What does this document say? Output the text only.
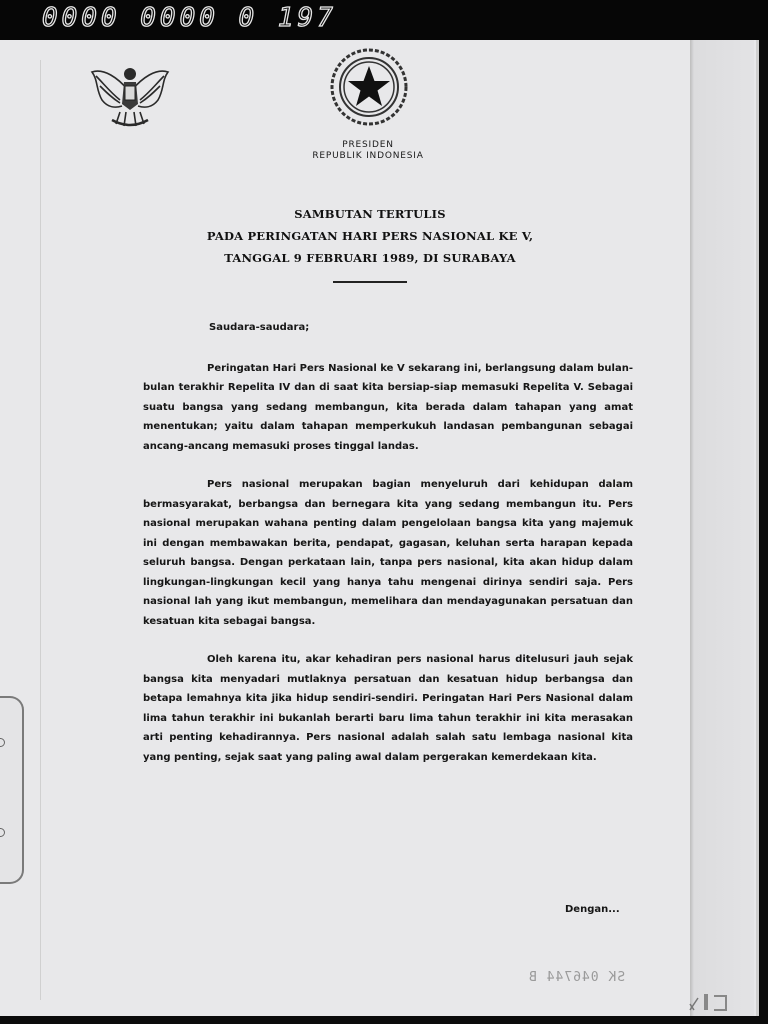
0000 0000 0 197
PRESIDEN
REPUBLIK INDONESIA
SAMBUTAN TERTULIS
PADA PERINGATAN HARI PERS NASIONAL KE V,
TANGGAL 9 FEBRUARI 1989, DI SURABAYA
Saudara-saudara;

Peringatan Hari Pers Nasional ke V sekarang ini, berlangsung dalam bulan-bulan terakhir Repelita IV dan di saat kita bersiap-siap memasuki Repelita V. Sebagai suatu bangsa yang sedang membangun, kita berada dalam tahapan yang amat menentukan; yaitu dalam tahapan memperkukuh landasan pembangunan sebagai ancang-ancang memasuki proses tinggal landas.

Pers nasional merupakan bagian menyeluruh dari kehidupan dalam bermasyarakat, berbangsa dan bernegara kita yang sedang membangun itu. Pers nasional merupakan wahana penting dalam pengelolaan bangsa kita yang majemuk ini dengan membawakan berita, pendapat, gagasan, keluhan serta harapan kepada seluruh bangsa. Dengan perkataan lain, tanpa pers nasional, kita akan hidup dalam lingkungan-lingkungan kecil yang hanya tahu mengenai dirinya sendiri saja. Pers nasional lah yang ikut membangun, memelihara dan mendayagunakan persatuan dan kesatuan kita sebagai bangsa.

Oleh karena itu, akar kehadiran pers nasional harus ditelusuri jauh sejak bangsa kita menyadari mutlaknya persatuan dan kesatuan hidup berbangsa dan betapa lemahnya kita jika hidup sendiri-sendiri. Peringatan Hari Pers Nasional dalam lima tahun terakhir ini bukanlah berarti baru lima tahun terakhir ini kita merasakan arti penting kehadirannya. Pers nasional adalah salah satu lembaga nasional kita yang penting, sejak saat yang paling awal dalam pergerakan kemerdekaan kita.

Dengan...
SK 046744 B
